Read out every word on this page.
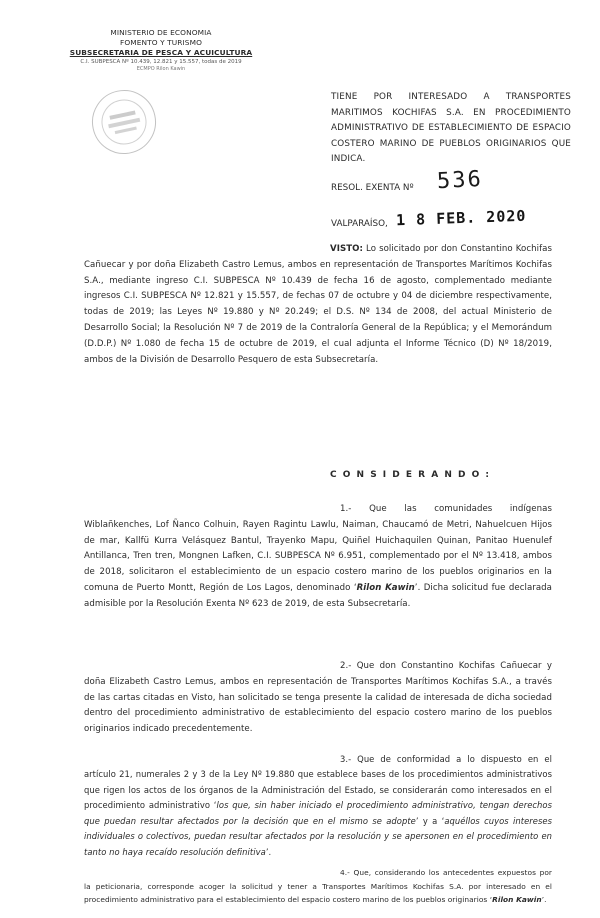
MINISTERIO DE ECONOMIA
FOMENTO Y TURISMO
SUBSECRETARIA DE PESCA Y ACUICULTURA
C.I. SUBPESCA Nº 10.439, 12.821 y 15.557, todas de 2019
ECMPO Rilon Kawin
TIENE POR INTERESADO A TRANSPORTES MARITIMOS KOCHIFAS S.A. EN PROCEDIMIENTO ADMINISTRATIVO DE ESTABLECIMIENTO DE ESPACIO COSTERO MARINO DE PUEBLOS ORIGINARIOS QUE INDICA.
RESOL. EXENTA Nº 536
VALPARAÍSO, 1 8 FEB. 2020
VISTO: Lo solicitado por don Constantino Kochifas Cañuecar y por doña Elizabeth Castro Lemus, ambos en representación de Transportes Marítimos Kochifas S.A., mediante ingreso C.I. SUBPESCA Nº 10.439 de fecha 16 de agosto, complementado mediante ingresos C.I. SUBPESCA Nº 12.821 y 15.557, de fechas 07 de octubre y 04 de diciembre respectivamente, todas de 2019; las Leyes Nº 19.880 y Nº 20.249; el D.S. Nº 134 de 2008, del actual Ministerio de Desarrollo Social; la Resolución Nº 7 de 2019 de la Contraloría General de la República; y el Memorándum (D.D.P.) Nº 1.080 de fecha 15 de octubre de 2019, el cual adjunta el Informe Técnico (D) Nº 18/2019, ambos de la División de Desarrollo Pesquero de esta Subsecretaría.
C O N S I D E R A N D O :
1.- Que las comunidades indígenas Wiblañkenches, Lof Ñanco Colhuin, Rayen Ragintu Lawlu, Naiman, Chaucamó de Metri, Nahuelcuen Hijos de mar, Kallfü Kurra Velásquez Bantul, Trayenko Mapu, Quiñel Huichaquilen Quinan, Panitao Huenulef Antillanca, Tren tren, Mongnen Lafken, C.I. SUBPESCA Nº 6.951, complementado por el Nº 13.418, ambos de 2018, solicitaron el establecimiento de un espacio costero marino de los pueblos originarios en la comuna de Puerto Montt, Región de Los Lagos, denominado ‘Rilon Kawin’. Dicha solicitud fue declarada admisible por la Resolución Exenta Nº 623 de 2019, de esta Subsecretaría.
2.- Que don Constantino Kochifas Cañuecar y doña Elizabeth Castro Lemus, ambos en representación de Transportes Marítimos Kochifas S.A., a través de las cartas citadas en Visto, han solicitado se tenga presente la calidad de interesada de dicha sociedad dentro del procedimiento administrativo de establecimiento del espacio costero marino de los pueblos originarios indicado precedentemente.
3.- Que de conformidad a lo dispuesto en el artículo 21, numerales 2 y 3 de la Ley Nº 19.880 que establece bases de los procedimientos administrativos que rigen los actos de los órganos de la Administración del Estado, se considerarán como interesados en el procedimiento administrativo ‘los que, sin haber iniciado el procedimiento administrativo, tengan derechos que puedan resultar afectados por la decisión que en el mismo se adopte’ y a ‘aquéllos cuyos intereses individuales o colectivos, puedan resultar afectados por la resolución y se apersonen en el procedimiento en tanto no haya recaído resolución definitiva’.
4.- Que, considerando los antecedentes expuestos por la peticionaria, corresponde acoger la solicitud y tener a Transportes Marítimos Kochifas S.A. por interesado en el procedimiento administrativo para el establecimiento del espacio costero marino de los pueblos originarios ‘Rilon Kawin’.
